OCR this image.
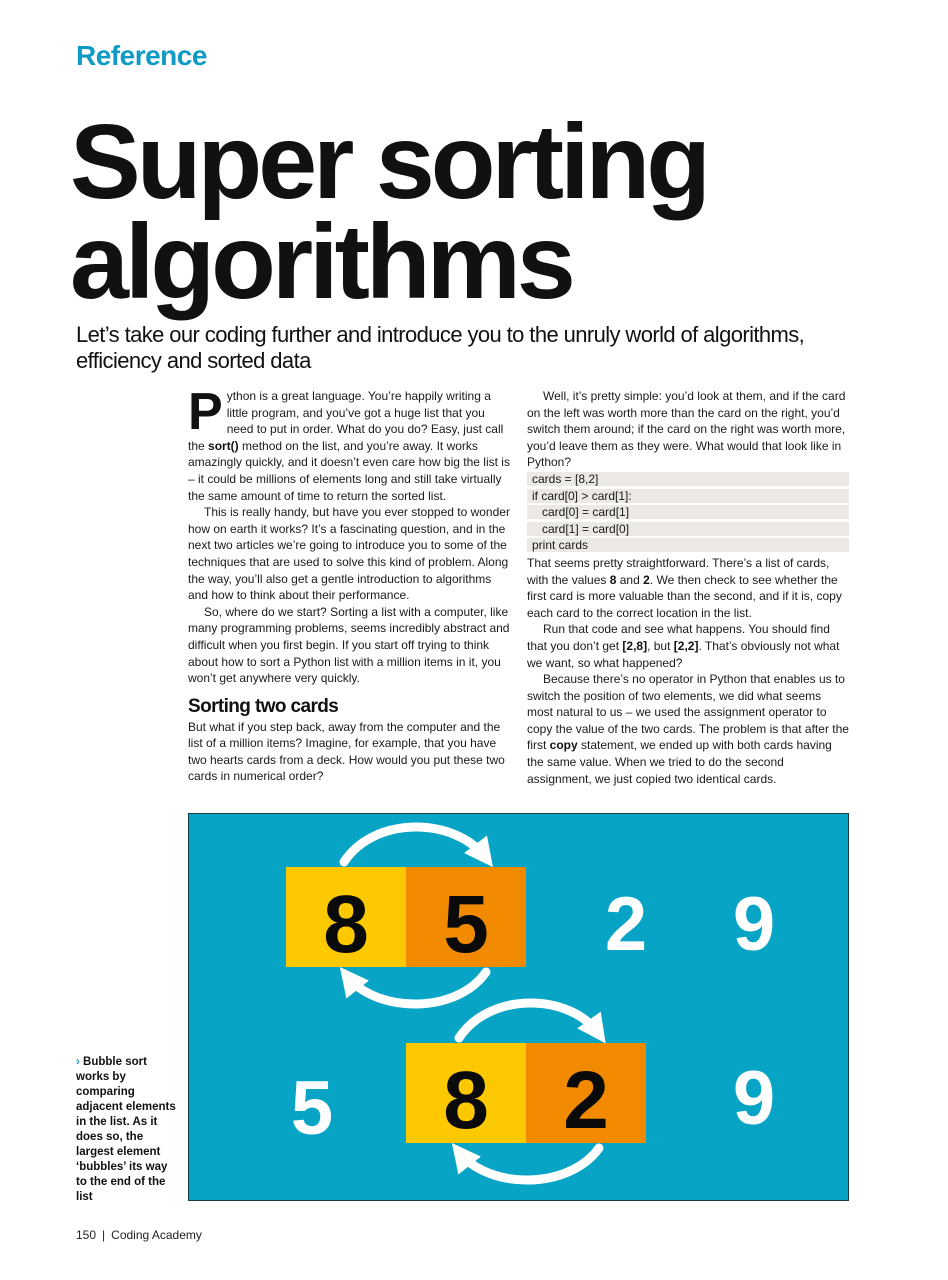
Reference
Super sorting
algorithms
Let’s take our coding further and introduce you to the unruly world of algorithms, efficiency and sorted data

Python is a great language. You’re happily writing a little program, and you’ve got a huge list that you need to put in order. What do you do? Easy, just call the sort() method on the list, and you’re away. It works amazingly quickly, and it doesn’t even care how big the list is – it could be millions of elements long and still take virtually the same amount of time to return the sorted list.

This is really handy, but have you ever stopped to wonder how on earth it works? It’s a fascinating question, and in the next two articles we’re going to introduce you to some of the techniques that are used to solve this kind of problem. Along the way, you’ll also get a gentle introduction to algorithms and how to think about their performance.

So, where do we start? Sorting a list with a computer, like many programming problems, seems incredibly abstract and difficult when you first begin. If you start off trying to think about how to sort a Python list with a million items in it, you won’t get anywhere very quickly.

Sorting two cards

But what if you step back, away from the computer and the list of a million items? Imagine, for example, that you have two hearts cards from a deck. How would you put these two cards in numerical order?

Well, it’s pretty simple: you’d look at them, and if the card on the left was worth more than the card on the right, you’d switch them around; if the card on the right was worth more, you’d leave them as they were. What would that look like in Python?

cards = [8,2]
if card[0] > card[1]:
card[0] = card[1]
card[1] = card[0]
print cards

That seems pretty straightforward. There’s a list of cards, with the values 8 and 2. We then check to see whether the first card is more valuable than the second, and if it is, copy each card to the correct location in the list.

Run that code and see what happens. You should find that you don’t get [2,8], but [2,2]. That’s obviously not what we want, so what happened?

Because there’s no operator in Python that enables us to switch the position of two elements, we did what seems most natural to us – we used the assignment operator to copy the value of the two cards. The problem is that after the first copy statement, we ended up with both cards having the same value. When we tried to do the second assignment, we just copied two identical cards.

8 5 2 9
5 8 2 9
› Bubble sort works by comparing adjacent elements in the list. As it does so, the largest element ‘bubbles’ its way to the end of the list
150 | Coding Academy
